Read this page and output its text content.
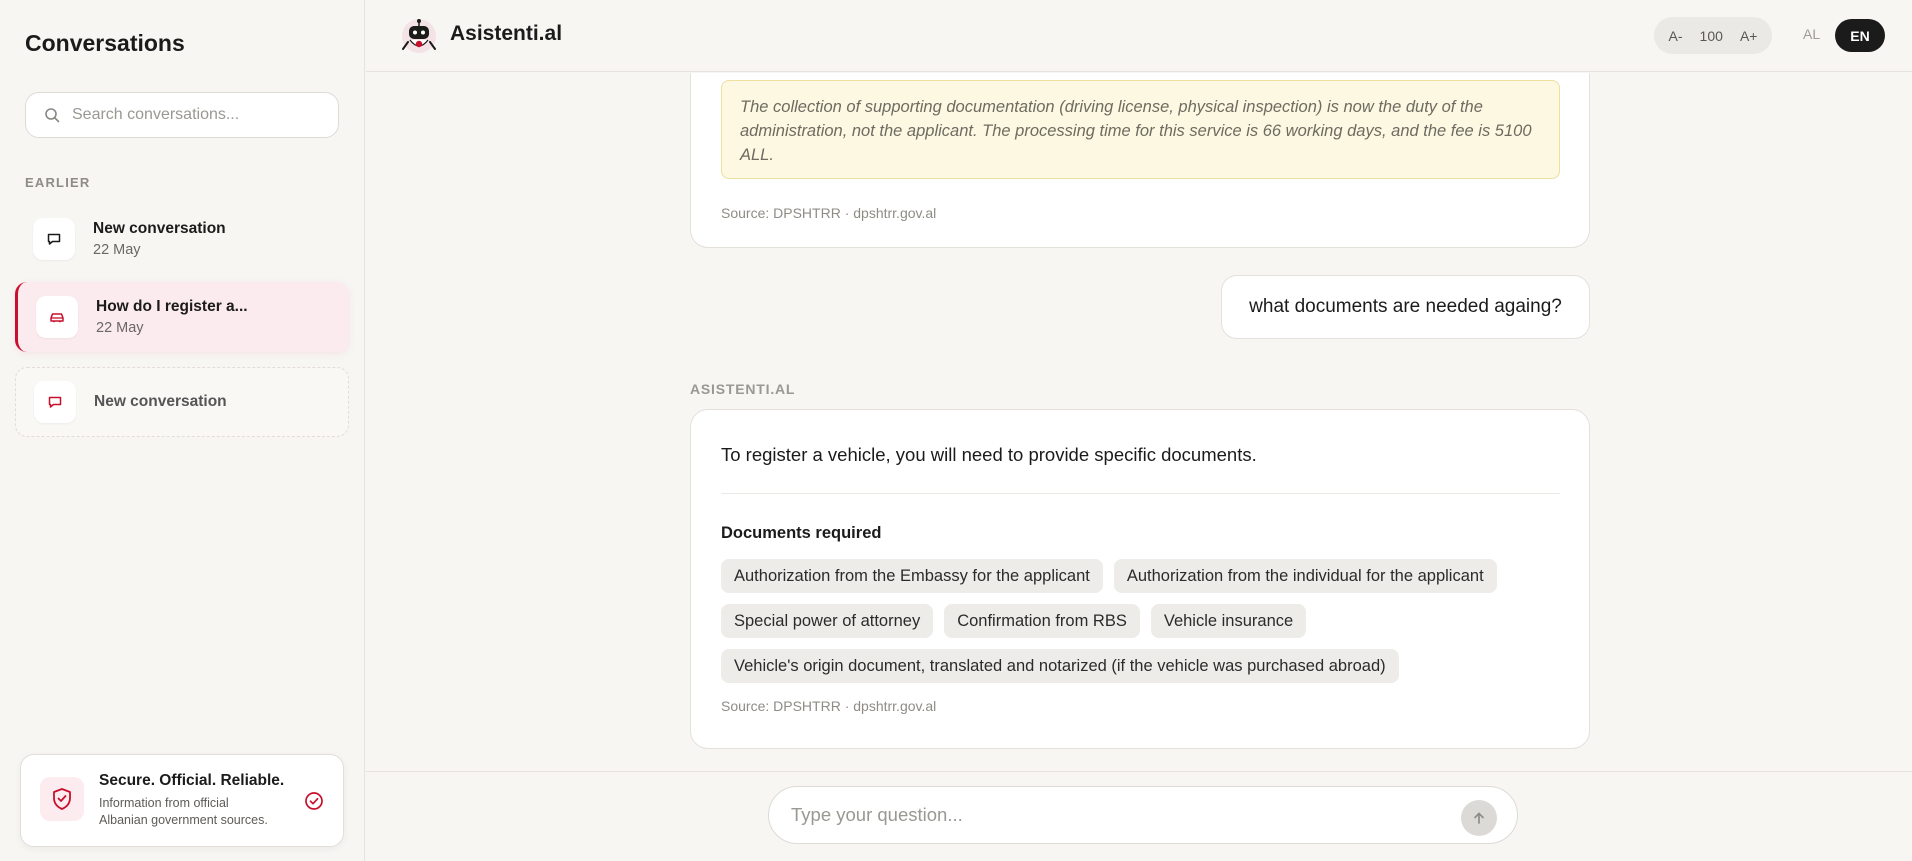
Conversations
Search conversations...
EARLIER
New conversation
22 May
How do I register a...
22 May
New conversation
Secure. Official. Reliable.
Information from official Albanian government sources.
Asistenti.al	A- 100 A+	AL	EN
The collection of supporting documentation (driving license, physical inspection) is now the duty of the administration, not the applicant. The processing time for this service is 66 working days, and the fee is 5100 ALL.
Source: DPSHTRR · dpshtrr.gov.al
what documents are needed againg?
ASISTENTI.AL
To register a vehicle, you will need to provide specific documents.
Documents required
Authorization from the Embassy for the applicant	Authorization from the individual for the applicant
Special power of attorney	Confirmation from RBS	Vehicle insurance
Vehicle's origin document, translated and notarized (if the vehicle was purchased abroad)
Source: DPSHTRR · dpshtrr.gov.al
Type your question...
